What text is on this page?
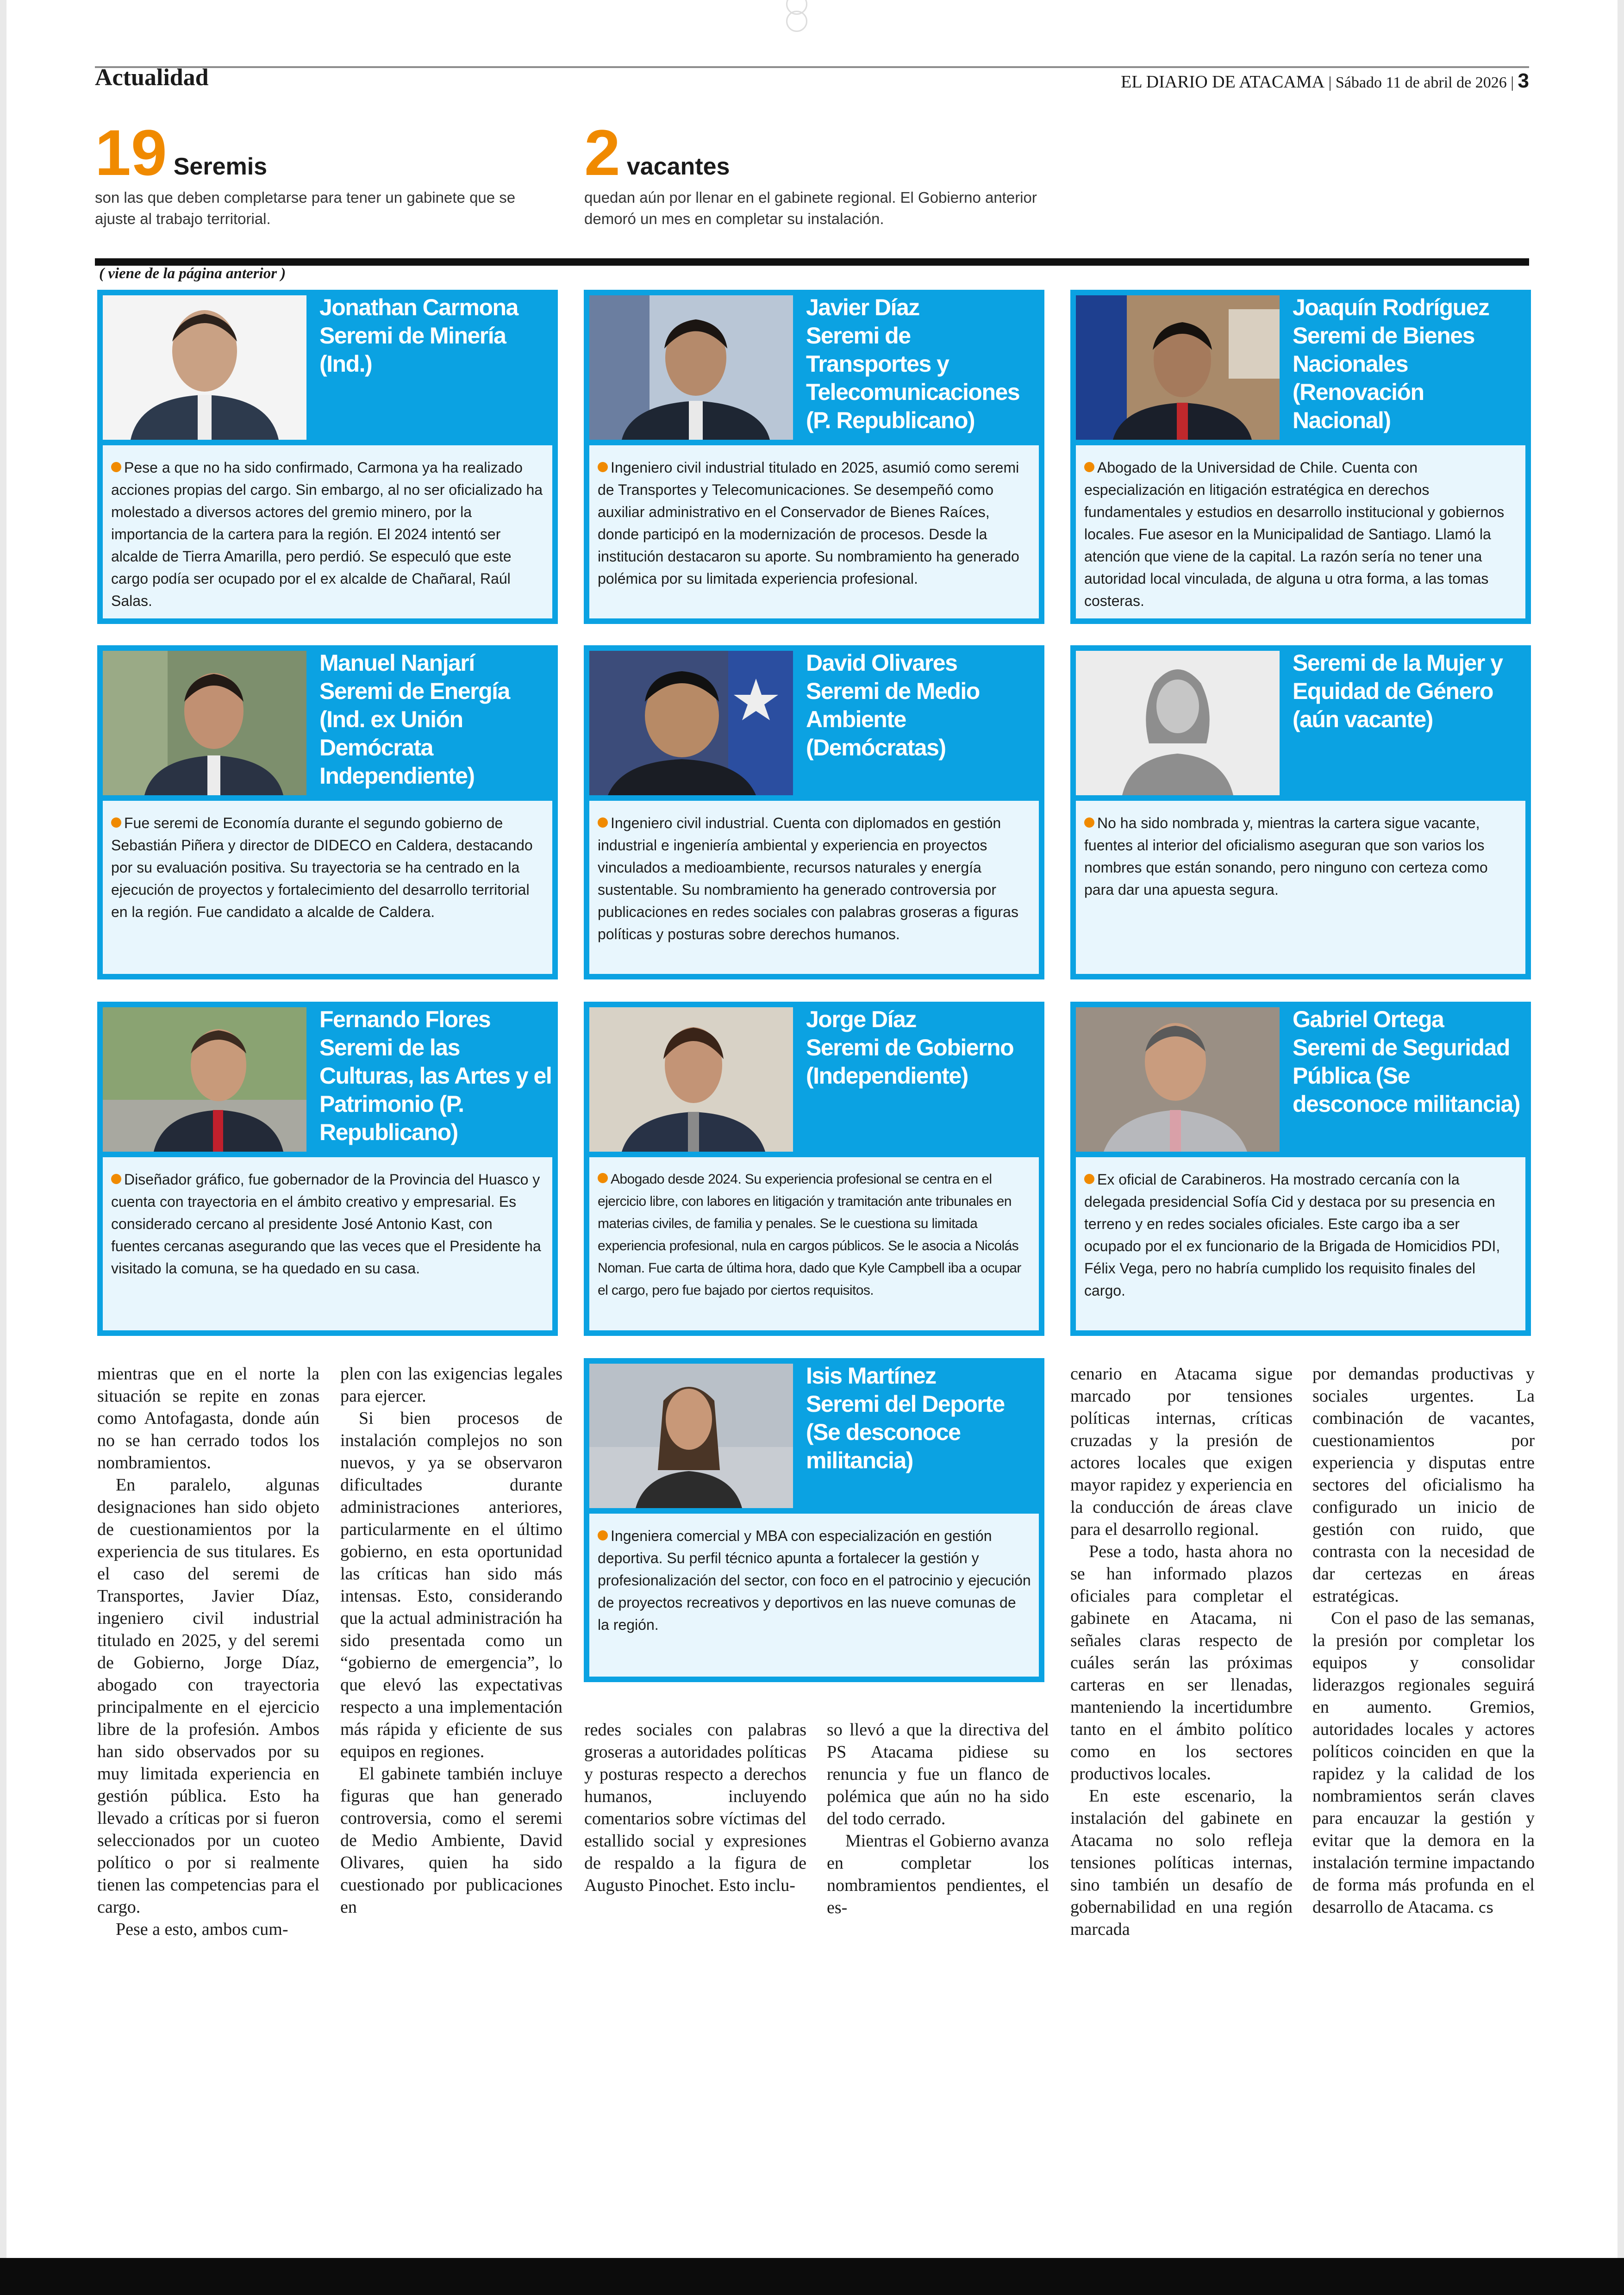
Actualidad	EL DIARIO DE ATACAMA | Sábado 11 de abril de 2026 | 3
19 Seremis
son las que deben completarse para tener un gabinete que se ajuste al trabajo territorial.
2 vacantes
quedan aún por llenar en el gabinete regional. El Gobierno anterior demoró un mes en completar su instalación.
( viene de la página anterior )
Jonathan Carmona
Seremi de Minería (Ind.)
Pese a que no ha sido confirmado, Carmona ya ha realizado acciones propias del cargo. Sin embargo, al no ser oficializado ha molestado a diversos actores del gremio minero, por la importancia de la cartera para la región. El 2024 intentó ser alcalde de Tierra Amarilla, pero perdió. Se especuló que este cargo podía ser ocupado por el ex alcalde de Chañaral, Raúl Salas.
Javier Díaz
Seremi de Transportes y Telecomunicaciones (P. Republicano)
Ingeniero civil industrial titulado en 2025, asumió como seremi de Transportes y Telecomunicaciones. Se desempeñó como auxiliar administrativo en el Conservador de Bienes Raíces, donde participó en la modernización de procesos. Desde la institución destacaron su aporte. Su nombramiento ha generado polémica por su limitada experiencia profesional.
Joaquín Rodríguez
Seremi de Bienes Nacionales (Renovación Nacional)
Abogado de la Universidad de Chile. Cuenta con especialización en litigación estratégica en derechos fundamentales y estudios en desarrollo institucional y gobiernos locales. Fue asesor en la Municipalidad de Santiago. Llamó la atención que viene de la capital. La razón sería no tener una autoridad local vinculada, de alguna u otra forma, a las tomas costeras.
Manuel Nanjarí
Seremi de Energía (Ind. ex Unión Demócrata Independiente)
Fue seremi de Economía durante el segundo gobierno de Sebastián Piñera y director de DIDECO en Caldera, destacando por su evaluación positiva. Su trayectoria se ha centrado en la ejecución de proyectos y fortalecimiento del desarrollo territorial en la región. Fue candidato a alcalde de Caldera.
David Olivares
Seremi de Medio Ambiente (Demócratas)
Ingeniero civil industrial. Cuenta con diplomados en gestión industrial e ingeniería ambiental y experiencia en proyectos vinculados a medioambiente, recursos naturales y energía sustentable. Su nombramiento ha generado controversia por publicaciones en redes sociales con palabras groseras a figuras políticas y posturas sobre derechos humanos.
Seremi de la Mujer y Equidad de Género (aún vacante)
No ha sido nombrada y, mientras la cartera sigue vacante, fuentes al interior del oficialismo aseguran que son varios los nombres que están sonando, pero ninguno con certeza como para dar una apuesta segura.
Fernando Flores
Seremi de las Culturas, las Artes y el Patrimonio (P. Republicano)
Diseñador gráfico, fue gobernador de la Provincia del Huasco y cuenta con trayectoria en el ámbito creativo y empresarial. Es considerado cercano al presidente José Antonio Kast, con fuentes cercanas asegurando que las veces que el Presidente ha visitado la comuna, se ha quedado en su casa.
Jorge Díaz
Seremi de Gobierno (Independiente)
Abogado desde 2024. Su experiencia profesional se centra en el ejercicio libre, con labores en litigación y tramitación ante tribunales en materias civiles, de familia y penales. Se le cuestiona su limitada experiencia profesional, nula en cargos públicos. Se le asocia a Nicolás Noman. Fue carta de última hora, dado que Kyle Campbell iba a ocupar el cargo, pero fue bajado por ciertos requisitos.
Gabriel Ortega
Seremi de Seguridad Pública (Se desconoce militancia)
Ex oficial de Carabineros. Ha mostrado cercanía con la delegada presidencial Sofía Cid y destaca por su presencia en terreno y en redes sociales oficiales. Este cargo iba a ser ocupado por el ex funcionario de la Brigada de Homicidios PDI, Félix Vega, pero no habría cumplido los requisito finales del cargo.
Isis Martínez
Seremi del Deporte (Se desconoce militancia)
Ingeniera comercial y MBA con especialización en gestión deportiva. Su perfil técnico apunta a fortalecer la gestión y profesionalización del sector, con foco en el patrocinio y ejecución de proyectos recreativos y deportivos en las nueve comunas de la región.

mientras que en el norte la situación se repite en zonas como Antofagasta, donde aún no se han cerrado todos los nombramientos.

En paralelo, algunas designaciones han sido objeto de cuestionamientos por la experiencia de sus titulares. Es el caso del seremi de Transportes, Javier Díaz, ingeniero civil industrial titulado en 2025, y del seremi de Gobierno, Jorge Díaz, abogado con trayectoria principalmente en el ejercicio libre de la profesión. Ambos han sido observados por su muy limitada experiencia en gestión pública. Esto ha llevado a críticas por si fueron seleccionados por un cuoteo político o por si realmente tienen las competencias para el cargo.

Pese a esto, ambos cum-

plen con las exigencias legales para ejercer.

Si bien procesos de instalación complejos no son nuevos, y ya se observaron dificultades durante administraciones anteriores, particularmente en el último gobierno, en esta oportunidad las críticas han sido más intensas. Esto, considerando que la actual administración ha sido presentada como un “gobierno de emergencia”, lo que elevó las expectativas respecto a una implementación más rápida y eficiente de sus equipos en regiones.

El gabinete también incluye figuras que han generado controversia, como el seremi de Medio Ambiente, David Olivares, quien ha sido cuestionado por publicaciones en

redes sociales con palabras groseras a autoridades políticas y posturas respecto a derechos humanos, incluyendo comentarios sobre víctimas del estallido social y expresiones de respaldo a la figura de Augusto Pinochet. Esto inclu-

so llevó a que la directiva del PS Atacama pidiese su renuncia y fue un flanco de polémica que aún no ha sido del todo cerrado.

Mientras el Gobierno avanza en completar los nombramientos pendientes, el es-

cenario en Atacama sigue marcado por tensiones políticas internas, críticas cruzadas y la presión de actores locales que exigen mayor rapidez y experiencia en la conducción de áreas clave para el desarrollo regional.

Pese a todo, hasta ahora no se han informado plazos oficiales para completar el gabinete en Atacama, ni señales claras respecto de cuáles serán las próximas carteras en ser llenadas, manteniendo la incertidumbre tanto en el ámbito político como en los sectores productivos locales.

En este escenario, la instalación del gabinete en Atacama no solo refleja tensiones políticas internas, sino también un desafío de gobernabilidad en una región marcada

por demandas productivas y sociales urgentes. La combinación de vacantes, cuestionamientos por experiencia y disputas entre sectores del oficialismo ha configurado un inicio de gestión con ruido, que contrasta con la necesidad de dar certezas en áreas estratégicas.

Con el paso de las semanas, la presión por completar los equipos y consolidar liderazgos regionales seguirá en aumento. Gremios, autoridades locales y actores políticos coinciden en que la rapidez y la calidad de los nombramientos serán claves para encauzar la gestión y evitar que la demora en la instalación termine impactando de forma más profunda en el desarrollo de Atacama. cs
